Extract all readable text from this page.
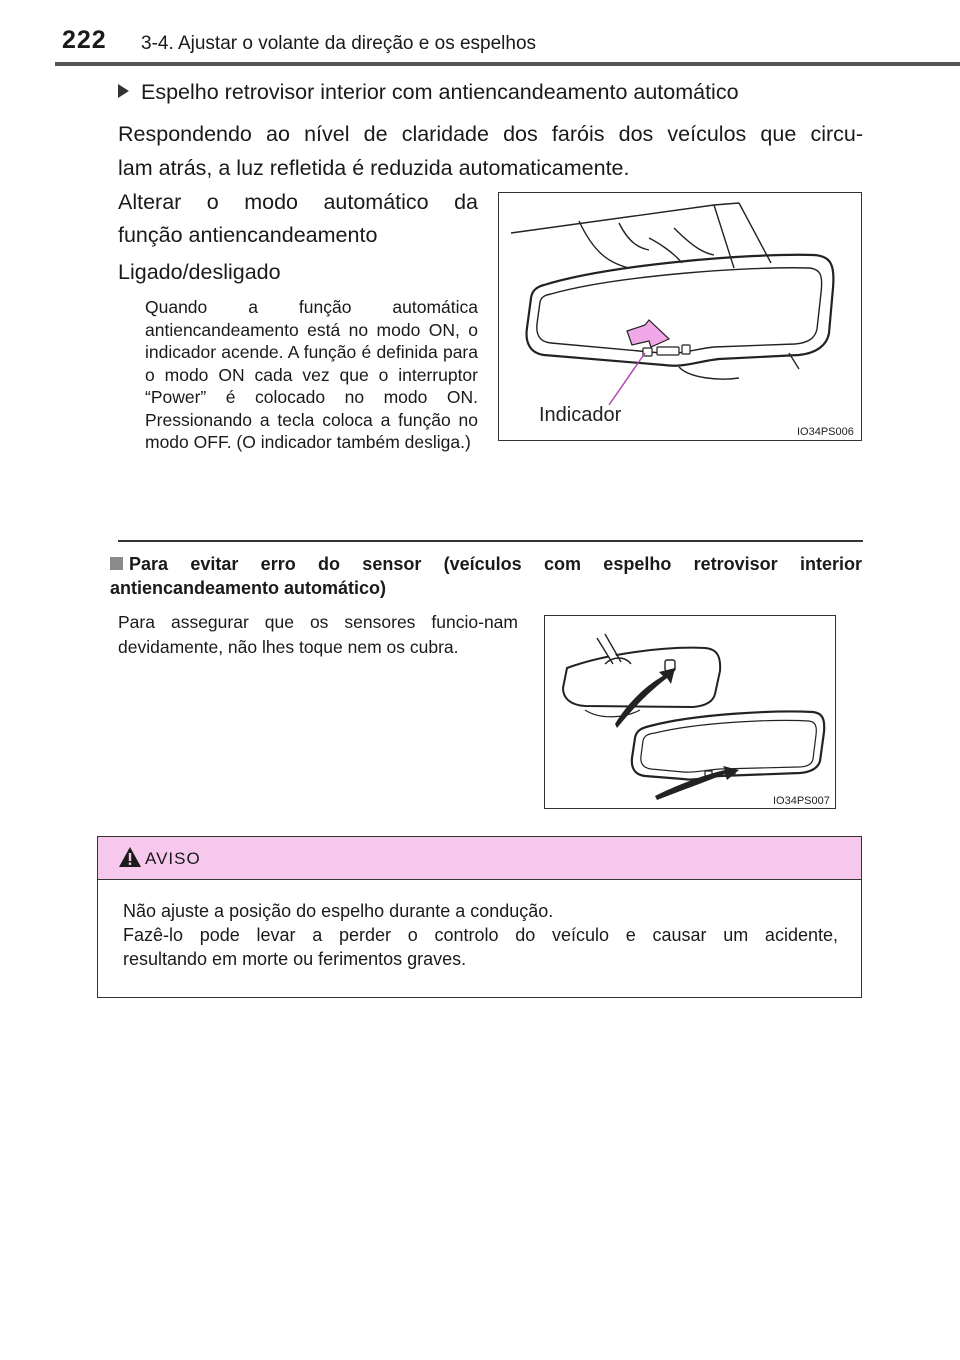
222 3-4. Ajustar o volante da direção e os espelhos
Espelho retrovisor interior com antiencandeamento automático
Respondendo ao nível de claridade dos faróis dos veículos que circu-
lam atrás, a luz refletida é reduzida automaticamente.
Alterar o modo automático da
função antiencandeamento
Ligado/desligado
Quando a função automática antiencandeamento está no modo ON, o indicador acende. A função é definida para o modo ON cada vez que o interruptor “Power” é colocado no modo ON. Pressionando a tecla coloca a função no modo OFF. (O indicador também desliga.)
Indicador
IO34PS006
Para evitar erro do sensor (veículos com espelho retrovisor interior antiencandeamento automático)
Para assegurar que os sensores funcio-nam devidamente, não lhes toque nem os cubra.
IO34PS007
AVISO
Não ajuste a posição do espelho durante a condução.
Fazê-lo pode levar a perder o controlo do veículo e causar um acidente,
resultando em morte ou ferimentos graves.
